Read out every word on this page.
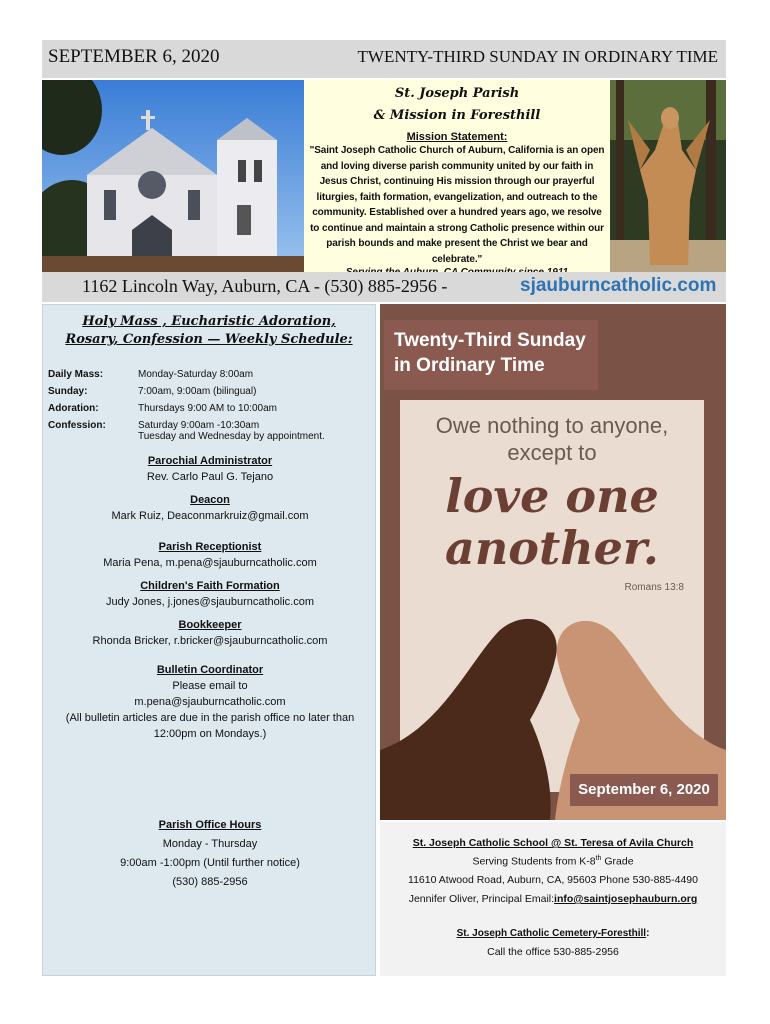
SEPTEMBER 6, 2020	TWENTY-THIRD SUNDAY IN ORDINARY TIME
St. Joseph Parish
& Mission in Foresthill
Mission Statement:
"Saint Joseph Catholic Church of Auburn, California is an open and loving diverse parish community united by our faith in Jesus Christ, continuing His mission through our prayerful liturgies, faith formation, evangelization, and outreach to the community. Established over a hundred years ago, we resolve to continue and maintain a strong Catholic presence within our parish bounds and make present the Christ we bear and celebrate."
1162 Lincoln Way, Auburn, CA - (530) 885-2956 -	sjauburncatholic.com
Holy Mass , Eucharistic Adoration,
Rosary, Confession — Weekly Schedule:
Daily Mass:	Monday-Saturday 8:00am
Sunday:	7:00am, 9:00am (bilingual)
Adoration:	Thursdays 9:00 AM to 10:00am
Confession:	Saturday 9:00am -10:30am
Tuesday and Wednesday by appointment.
Parochial Administrator
Rev. Carlo Paul G. Tejano
Deacon
Mark Ruiz, Deaconmarkruiz@gmail.com
Parish Receptionist
Maria Pena, m.pena@sjauburncatholic.com
Children's Faith Formation
Judy Jones, j.jones@sjauburncatholic.com
Bookkeeper
Rhonda Bricker, r.bricker@sjauburncatholic.com
Bulletin Coordinator
Please email to
m.pena@sjauburncatholic.com
(All bulletin articles are due in the parish office no later than
12:00pm on Mondays.)
Parish Office Hours
Monday - Thursday
9:00am -1:00pm (Until further notice)
(530) 885-2956
Twenty-Third Sunday
in Ordinary Time
Owe nothing to anyone,
except to
love one
another.
Romans 13:8
September 6, 2020
St. Joseph Catholic School @ St. Teresa of Avila Church
Serving Students from K-8th Grade
11610 Atwood Road, Auburn, CA, 95603 Phone 530-885-4490
Jennifer Oliver, Principal Email:info@saintjosephauburn.org
St. Joseph Catholic Cemetery-Foresthill:
Call the office 530-885-2956
